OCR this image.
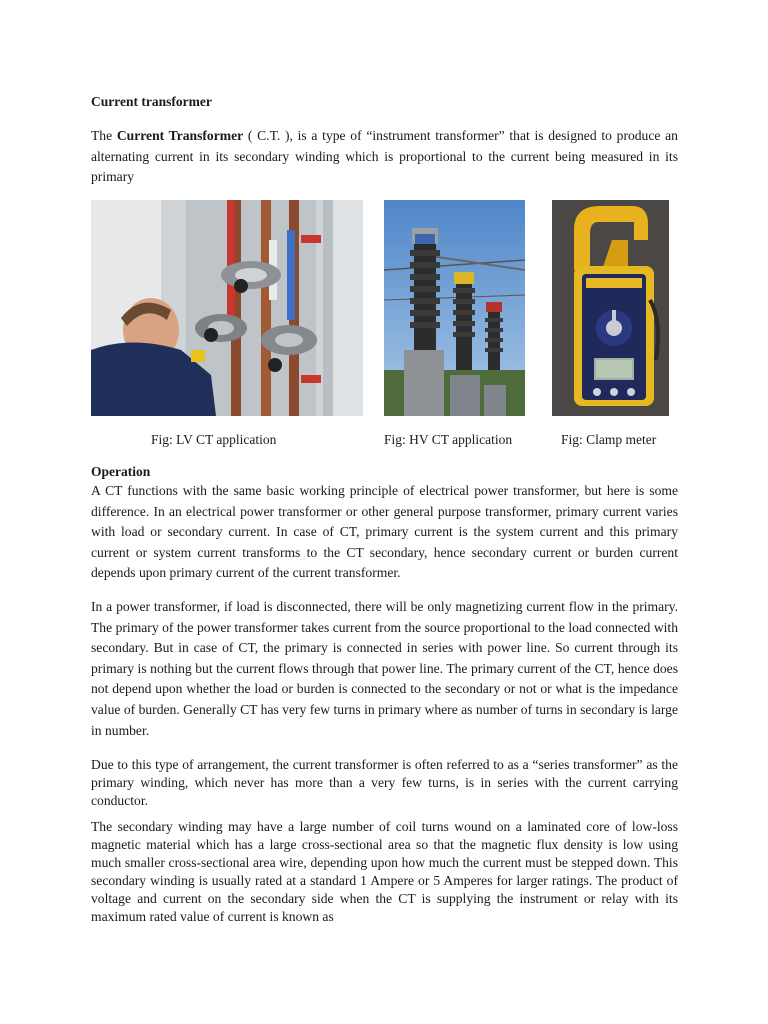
Current transformer

The Current Transformer ( C.T. ), is a type of “instrument transformer” that is designed to produce an alternating current in its secondary winding which is proportional to the current being measured in its primary

Fig: LV CT application	Fig: HV CT application	Fig: Clamp meter
Operation

A CT functions with the same basic working principle of electrical power transformer, but here is some difference. In an electrical power transformer or other general purpose transformer, primary current varies with load or secondary current. In case of CT, primary current is the system current and this primary current or system current transforms to the CT secondary, hence secondary current or burden current depends upon primary current of the current transformer.

In a power transformer, if load is disconnected, there will be only magnetizing current flow in the primary. The primary of the power transformer takes current from the source proportional to the load connected with secondary. But in case of CT, the primary is connected in series with power line. So current through its primary is nothing but the current flows through that power line. The primary current of the CT, hence does not depend upon whether the load or burden is connected to the secondary or not or what is the impedance value of burden. Generally CT has very few turns in primary where as number of turns in secondary is large in number.

Due to this type of arrangement, the current transformer is often referred to as a “series transformer” as the primary winding, which never has more than a very few turns, is in series with the current carrying conductor.

The secondary winding may have a large number of coil turns wound on a laminated core of low-loss magnetic material which has a large cross-sectional area so that the magnetic flux density is low using much smaller cross-sectional area wire, depending upon how much the current must be stepped down. This secondary winding is usually rated at a standard 1 Ampere or 5 Amperes for larger ratings. The product of voltage and current on the secondary side when the CT is supplying the instrument or relay with its maximum rated value of current is known as
